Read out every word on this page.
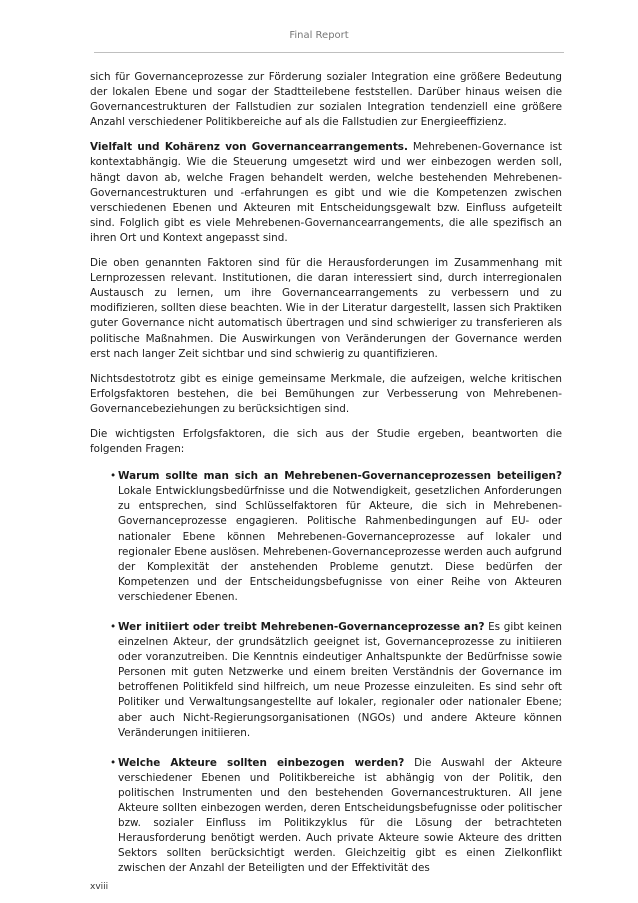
Final Report

sich für Governanceprozesse zur Förderung sozialer Integration eine größere Bedeutung der lokalen Ebene und sogar der Stadtteilebene feststellen. Darüber hinaus weisen die Governancestrukturen der Fallstudien zur sozialen Integration tendenziell eine größere Anzahl verschiedener Politikbereiche auf als die Fallstudien zur Energieeffizienz.

Vielfalt und Kohärenz von Governancearrangements. Mehrebenen-Governance ist kontextabhängig. Wie die Steuerung umgesetzt wird und wer einbezogen werden soll, hängt davon ab, welche Fragen behandelt werden, welche bestehenden Mehrebenen-Governancestrukturen und -erfahrungen es gibt und wie die Kompetenzen zwischen verschiedenen Ebenen und Akteuren mit Entscheidungsgewalt bzw. Einfluss aufgeteilt sind. Folglich gibt es viele Mehrebenen-Governancearrangements, die alle spezifisch an ihren Ort und Kontext angepasst sind.

Die oben genannten Faktoren sind für die Herausforderungen im Zusammenhang mit Lernprozessen relevant. Institutionen, die daran interessiert sind, durch interregionalen Austausch zu lernen, um ihre Governancearrangements zu verbessern und zu modifizieren, sollten diese beachten. Wie in der Literatur dargestellt, lassen sich Praktiken guter Governance nicht automatisch übertragen und sind schwieriger zu transferieren als politische Maßnahmen. Die Auswirkungen von Veränderungen der Governance werden erst nach langer Zeit sichtbar und sind schwierig zu quantifizieren.

Nichtsdestotrotz gibt es einige gemeinsame Merkmale, die aufzeigen, welche kritischen Erfolgsfaktoren bestehen, die bei Bemühungen zur Verbesserung von Mehrebenen-Governancebeziehungen zu berücksichtigen sind.

Die wichtigsten Erfolgsfaktoren, die sich aus der Studie ergeben, beantworten die folgenden Fragen:

• Warum sollte man sich an Mehrebenen-Governanceprozessen beteiligen? Lokale Entwicklungsbedürfnisse und die Notwendigkeit, gesetzlichen Anforderungen zu entsprechen, sind Schlüsselfaktoren für Akteure, die sich in Mehrebenen-Governanceprozesse engagieren. Politische Rahmenbedingungen auf EU- oder nationaler Ebene können Mehrebenen-Governanceprozesse auf lokaler und regionaler Ebene auslösen. Mehrebenen-Governanceprozesse werden auch aufgrund der Komplexität der anstehenden Probleme genutzt. Diese bedürfen der Kompetenzen und der Entscheidungsbefugnisse von einer Reihe von Akteuren verschiedener Ebenen.
• Wer initiiert oder treibt Mehrebenen-Governanceprozesse an? Es gibt keinen einzelnen Akteur, der grundsätzlich geeignet ist, Governanceprozesse zu initiieren oder voranzutreiben. Die Kenntnis eindeutiger Anhaltspunkte der Bedürfnisse sowie Personen mit guten Netzwerke und einem breiten Verständnis der Governance im betroffenen Politikfeld sind hilfreich, um neue Prozesse einzuleiten. Es sind sehr oft Politiker und Verwaltungsangestellte auf lokaler, regionaler oder nationaler Ebene; aber auch Nicht-Regierungsorganisationen (NGOs) und andere Akteure können Veränderungen initiieren.
• Welche Akteure sollten einbezogen werden? Die Auswahl der Akteure verschiedener Ebenen und Politikbereiche ist abhängig von der Politik, den politischen Instrumenten und den bestehenden Governancestrukturen. All jene Akteure sollten einbezogen werden, deren Entscheidungsbefugnisse oder politischer bzw. sozialer Einfluss im Politikzyklus für die Lösung der betrachteten Herausforderung benötigt werden. Auch private Akteure sowie Akteure des dritten Sektors sollten berücksichtigt werden. Gleichzeitig gibt es einen Zielkonflikt zwischen der Anzahl der Beteiligten und der Effektivität des
xviii
